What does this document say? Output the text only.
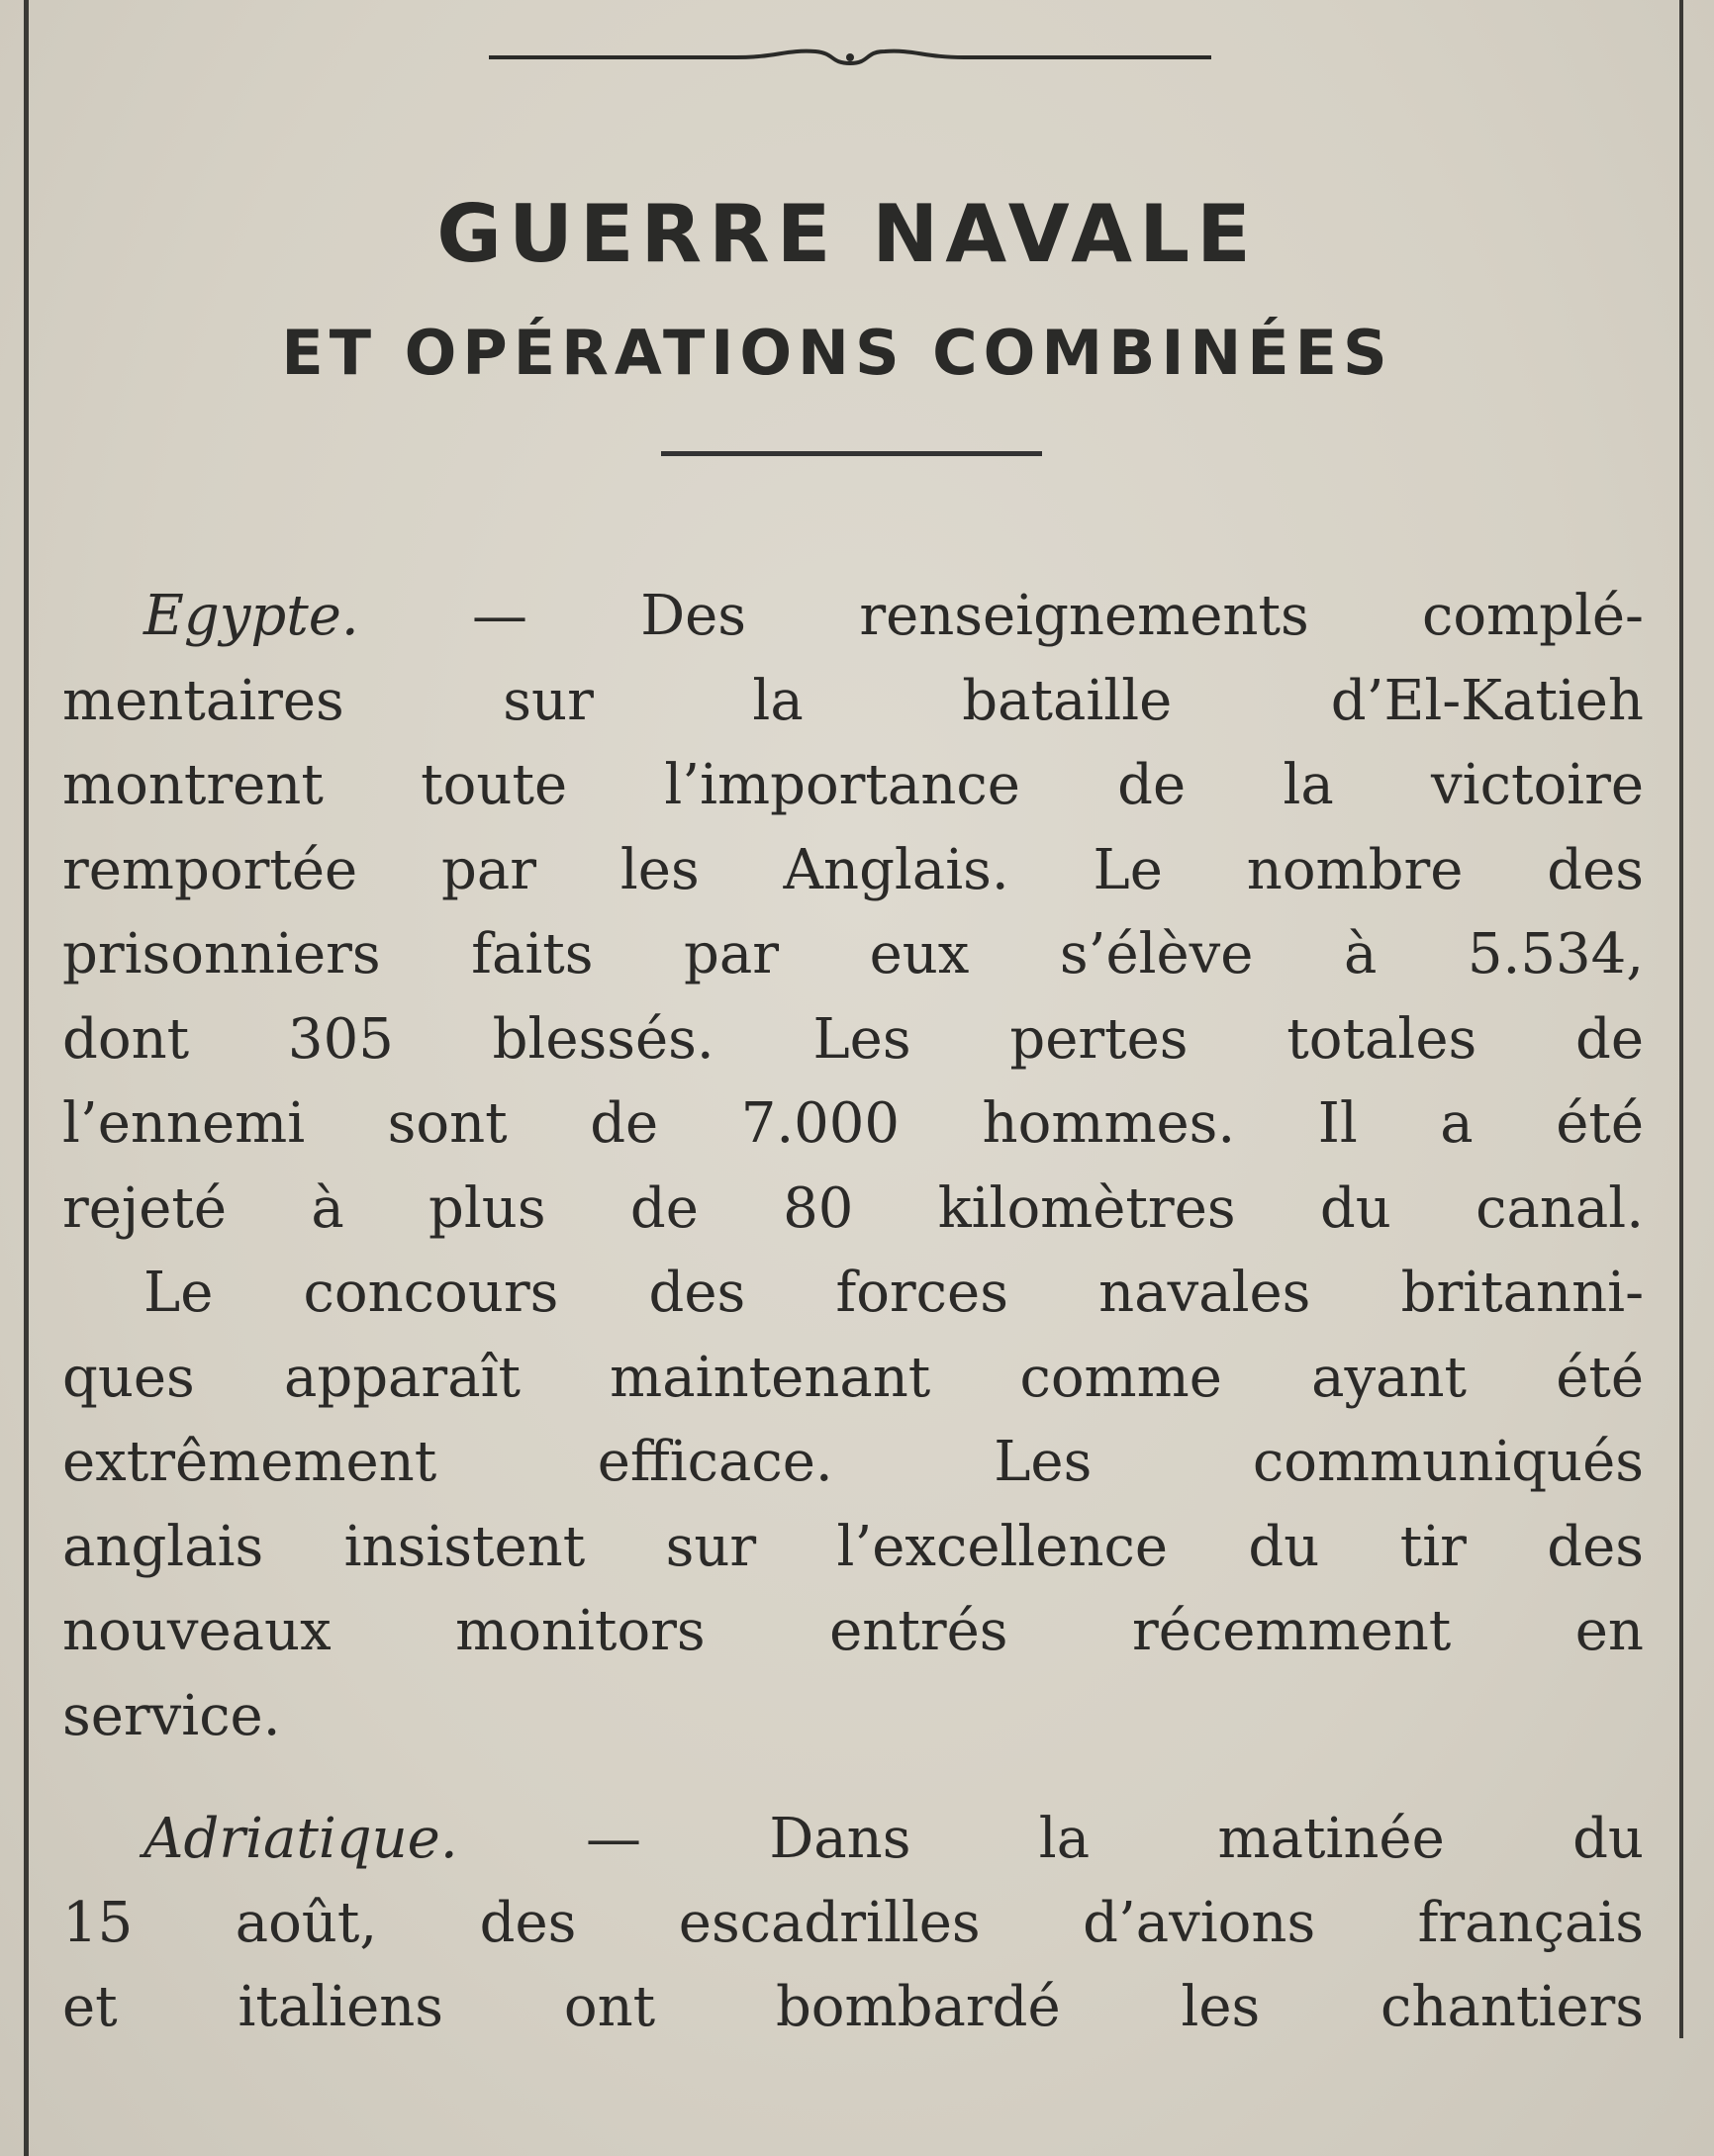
GUERRE NAVALE
ET OPÉRATIONS COMBINÉES
Egypte. — Des renseignements complé-
mentaires sur la bataille d’El-Katieh
montrent toute l’importance de la victoire
remportée par les Anglais. Le nombre des
prisonniers faits par eux s’élève à 5.534,
dont 305 blessés. Les pertes totales de
l’ennemi sont de 7.000 hommes. Il a été
rejeté à plus de 80 kilomètres du canal.
Le concours des forces navales britanni-
ques apparaît maintenant comme ayant été
extrêmement efficace. Les communiqués
anglais insistent sur l’excellence du tir des
nouveaux monitors entrés récemment en
service.
Adriatique. — Dans la matinée du
15 août, des escadrilles d’avions français
et italiens ont bombardé les chantiers
